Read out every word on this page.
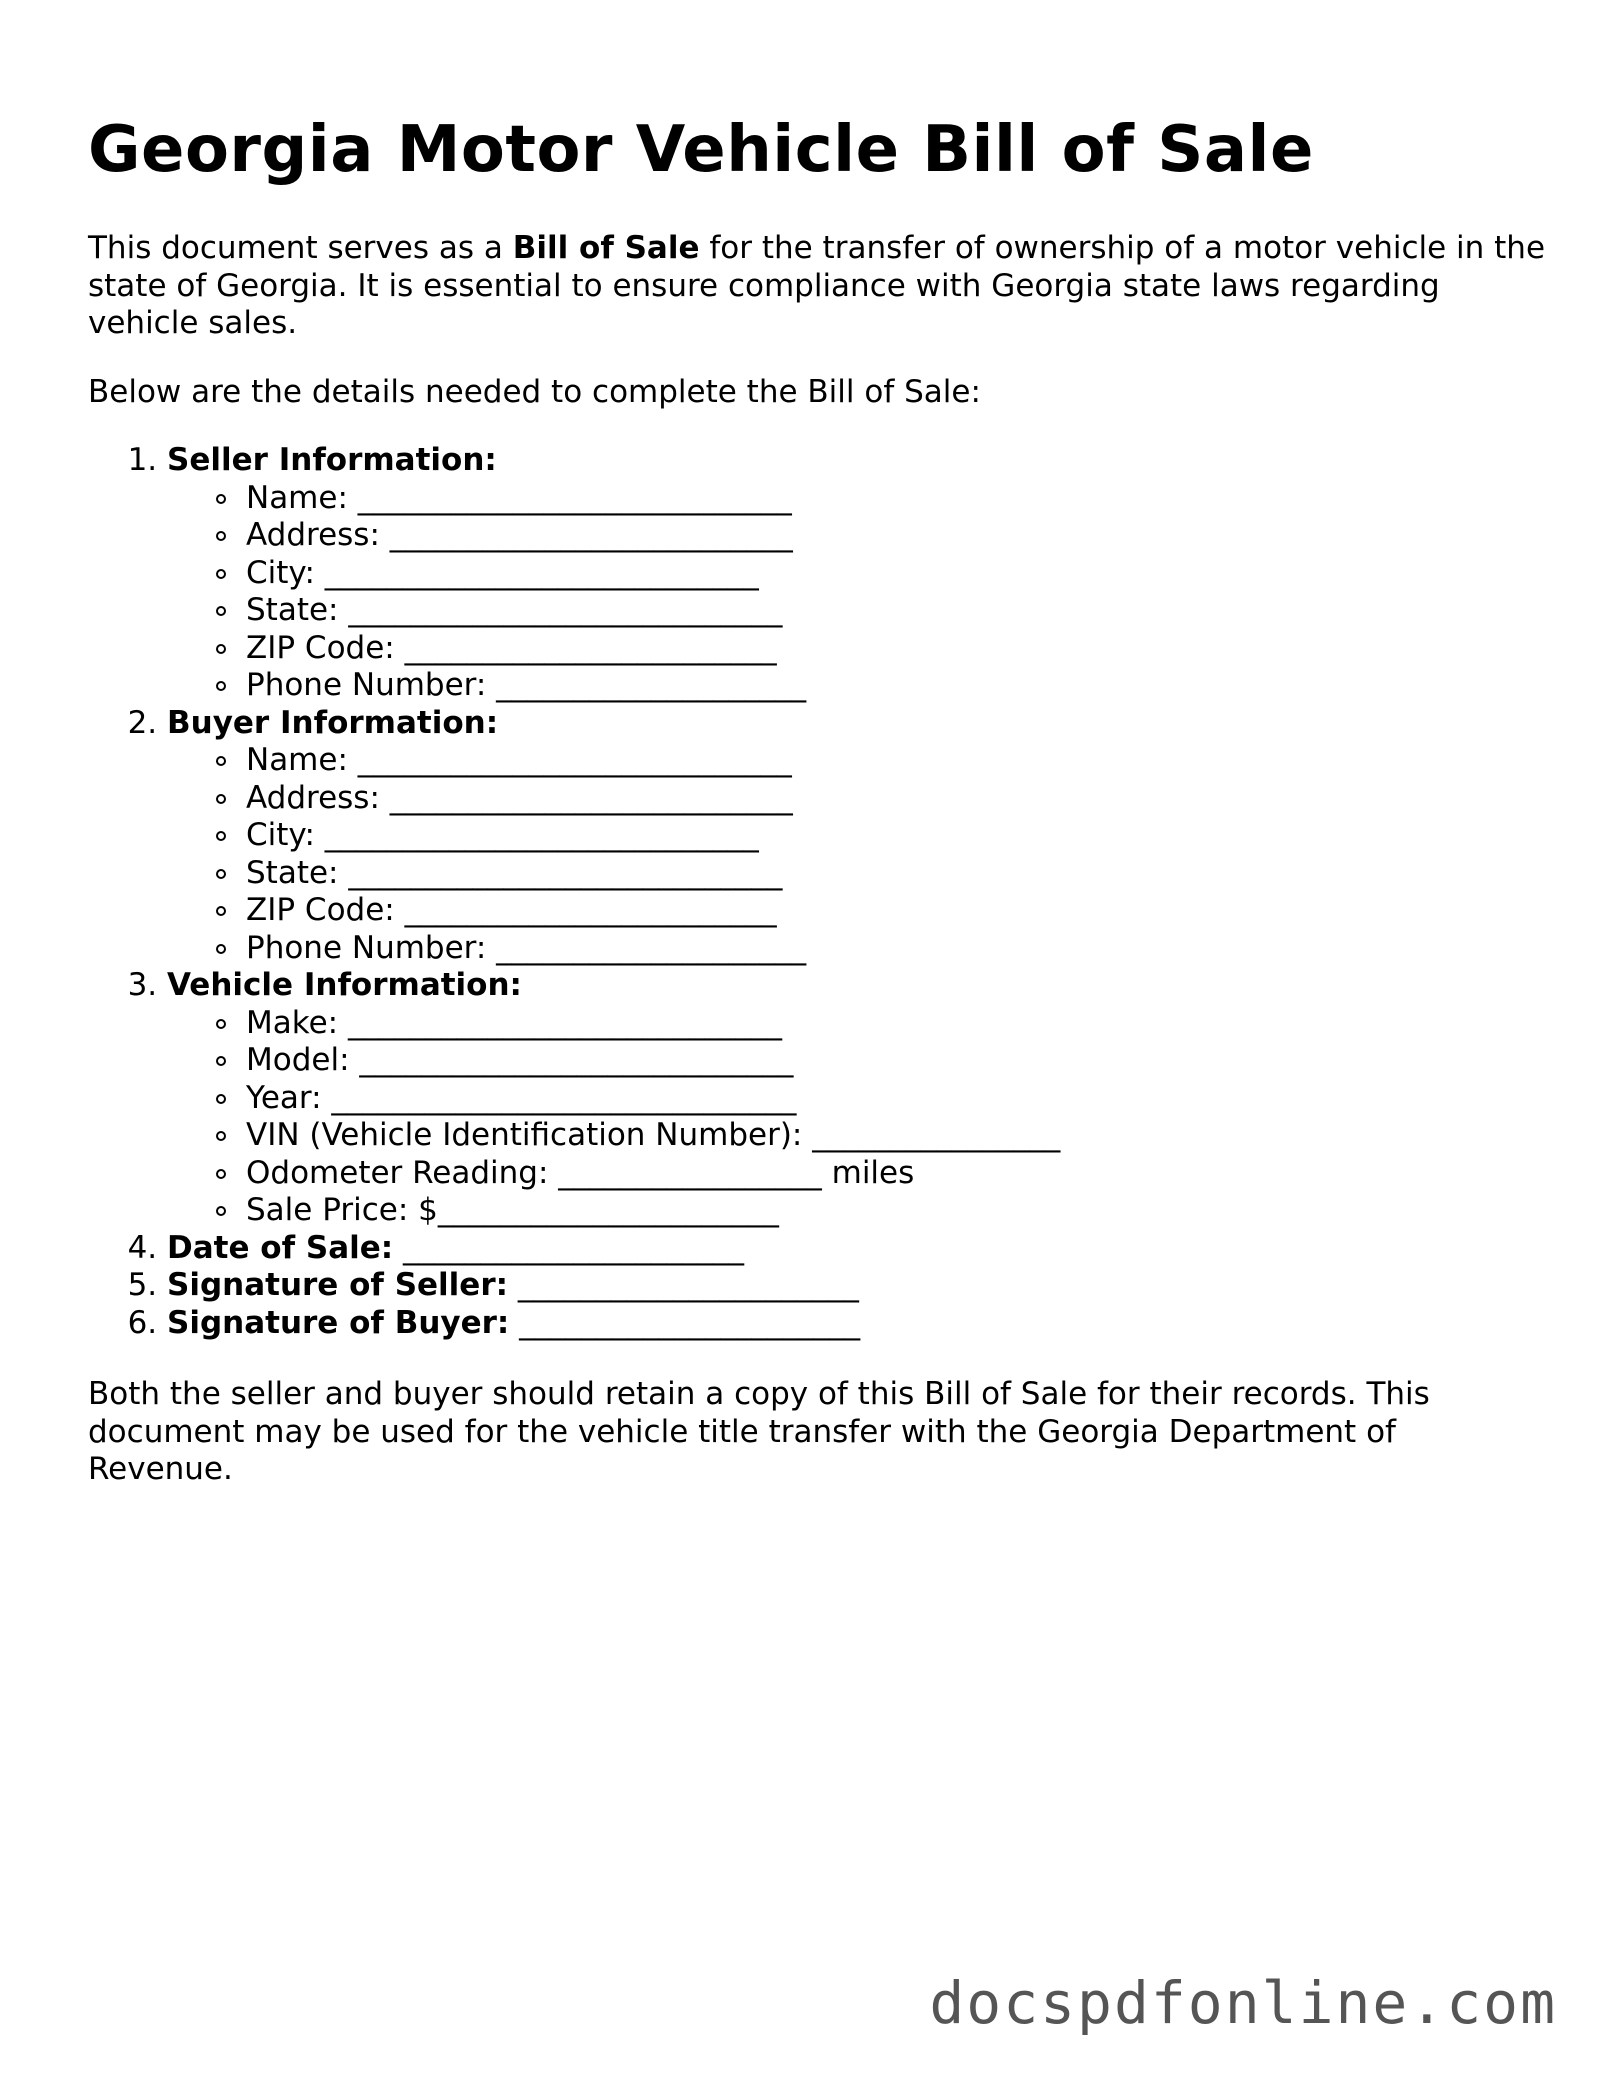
Georgia Motor Vehicle Bill of Sale

This document serves as a Bill of Sale for the transfer of ownership of a motor vehicle in the state of Georgia. It is essential to ensure compliance with Georgia state laws regarding vehicle sales.

Below are the details needed to complete the Bill of Sale:

1. Seller Information:
Name: ____________________________
Address: __________________________
City: ____________________________
State: ____________________________
ZIP Code: ________________________
Phone Number: ____________________
2. Buyer Information:
Name: ____________________________
Address: __________________________
City: ____________________________
State: ____________________________
ZIP Code: ________________________
Phone Number: ____________________
3. Vehicle Information:
Make: ____________________________
Model: ____________________________
Year: ______________________________
VIN (Vehicle Identification Number): ________________
Odometer Reading: _________________ miles
Sale Price: $______________________
4. Date of Sale: ______________________
5. Signature of Seller: ______________________
6. Signature of Buyer: ______________________

Both the seller and buyer should retain a copy of this Bill of Sale for their records. This document may be used for the vehicle title transfer with the Georgia Department of Revenue.

docspdfonline.com
